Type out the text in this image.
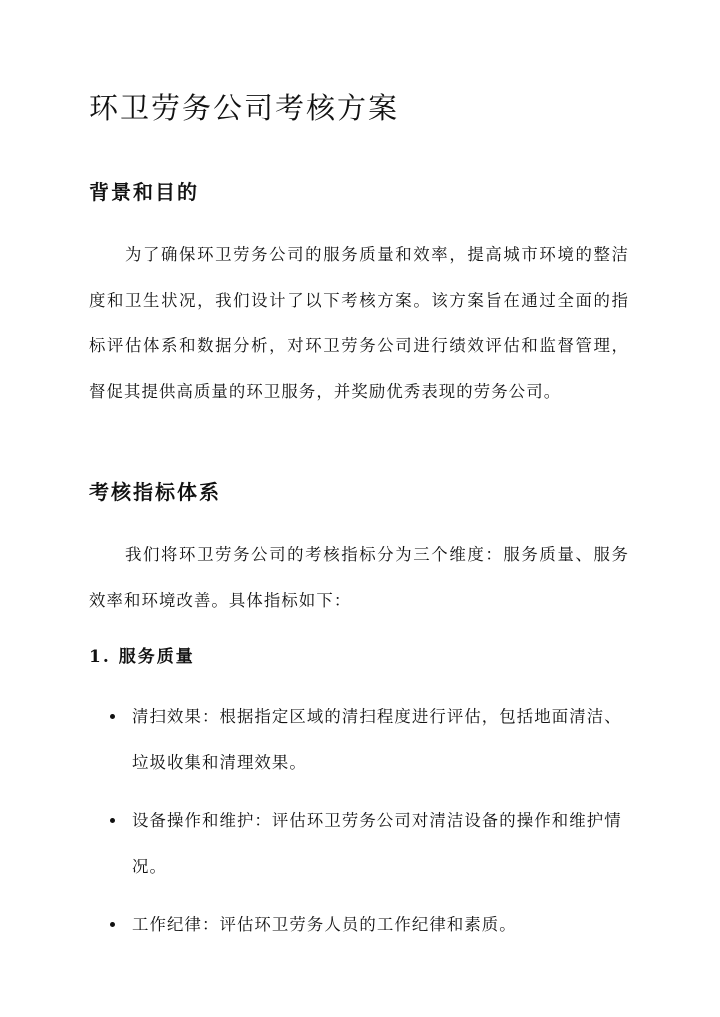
环卫劳务公司考核方案
背景和目的

为了确保环卫劳务公司的服务质量和效率，提高城市环境的整洁度和卫生状况，我们设计了以下考核方案。该方案旨在通过全面的指标评估体系和数据分析，对环卫劳务公司进行绩效评估和监督管理，督促其提供高质量的环卫服务，并奖励优秀表现的劳务公司。

考核指标体系

我们将环卫劳务公司的考核指标分为三个维度：服务质量、服务效率和环境改善。具体指标如下：

1. 服务质量
清扫效果：根据指定区域的清扫程度进行评估，包括地面清洁、垃圾收集和清理效果。
设备操作和维护：评估环卫劳务公司对清洁设备的操作和维护情况。
工作纪律：评估环卫劳务人员的工作纪律和素质。
